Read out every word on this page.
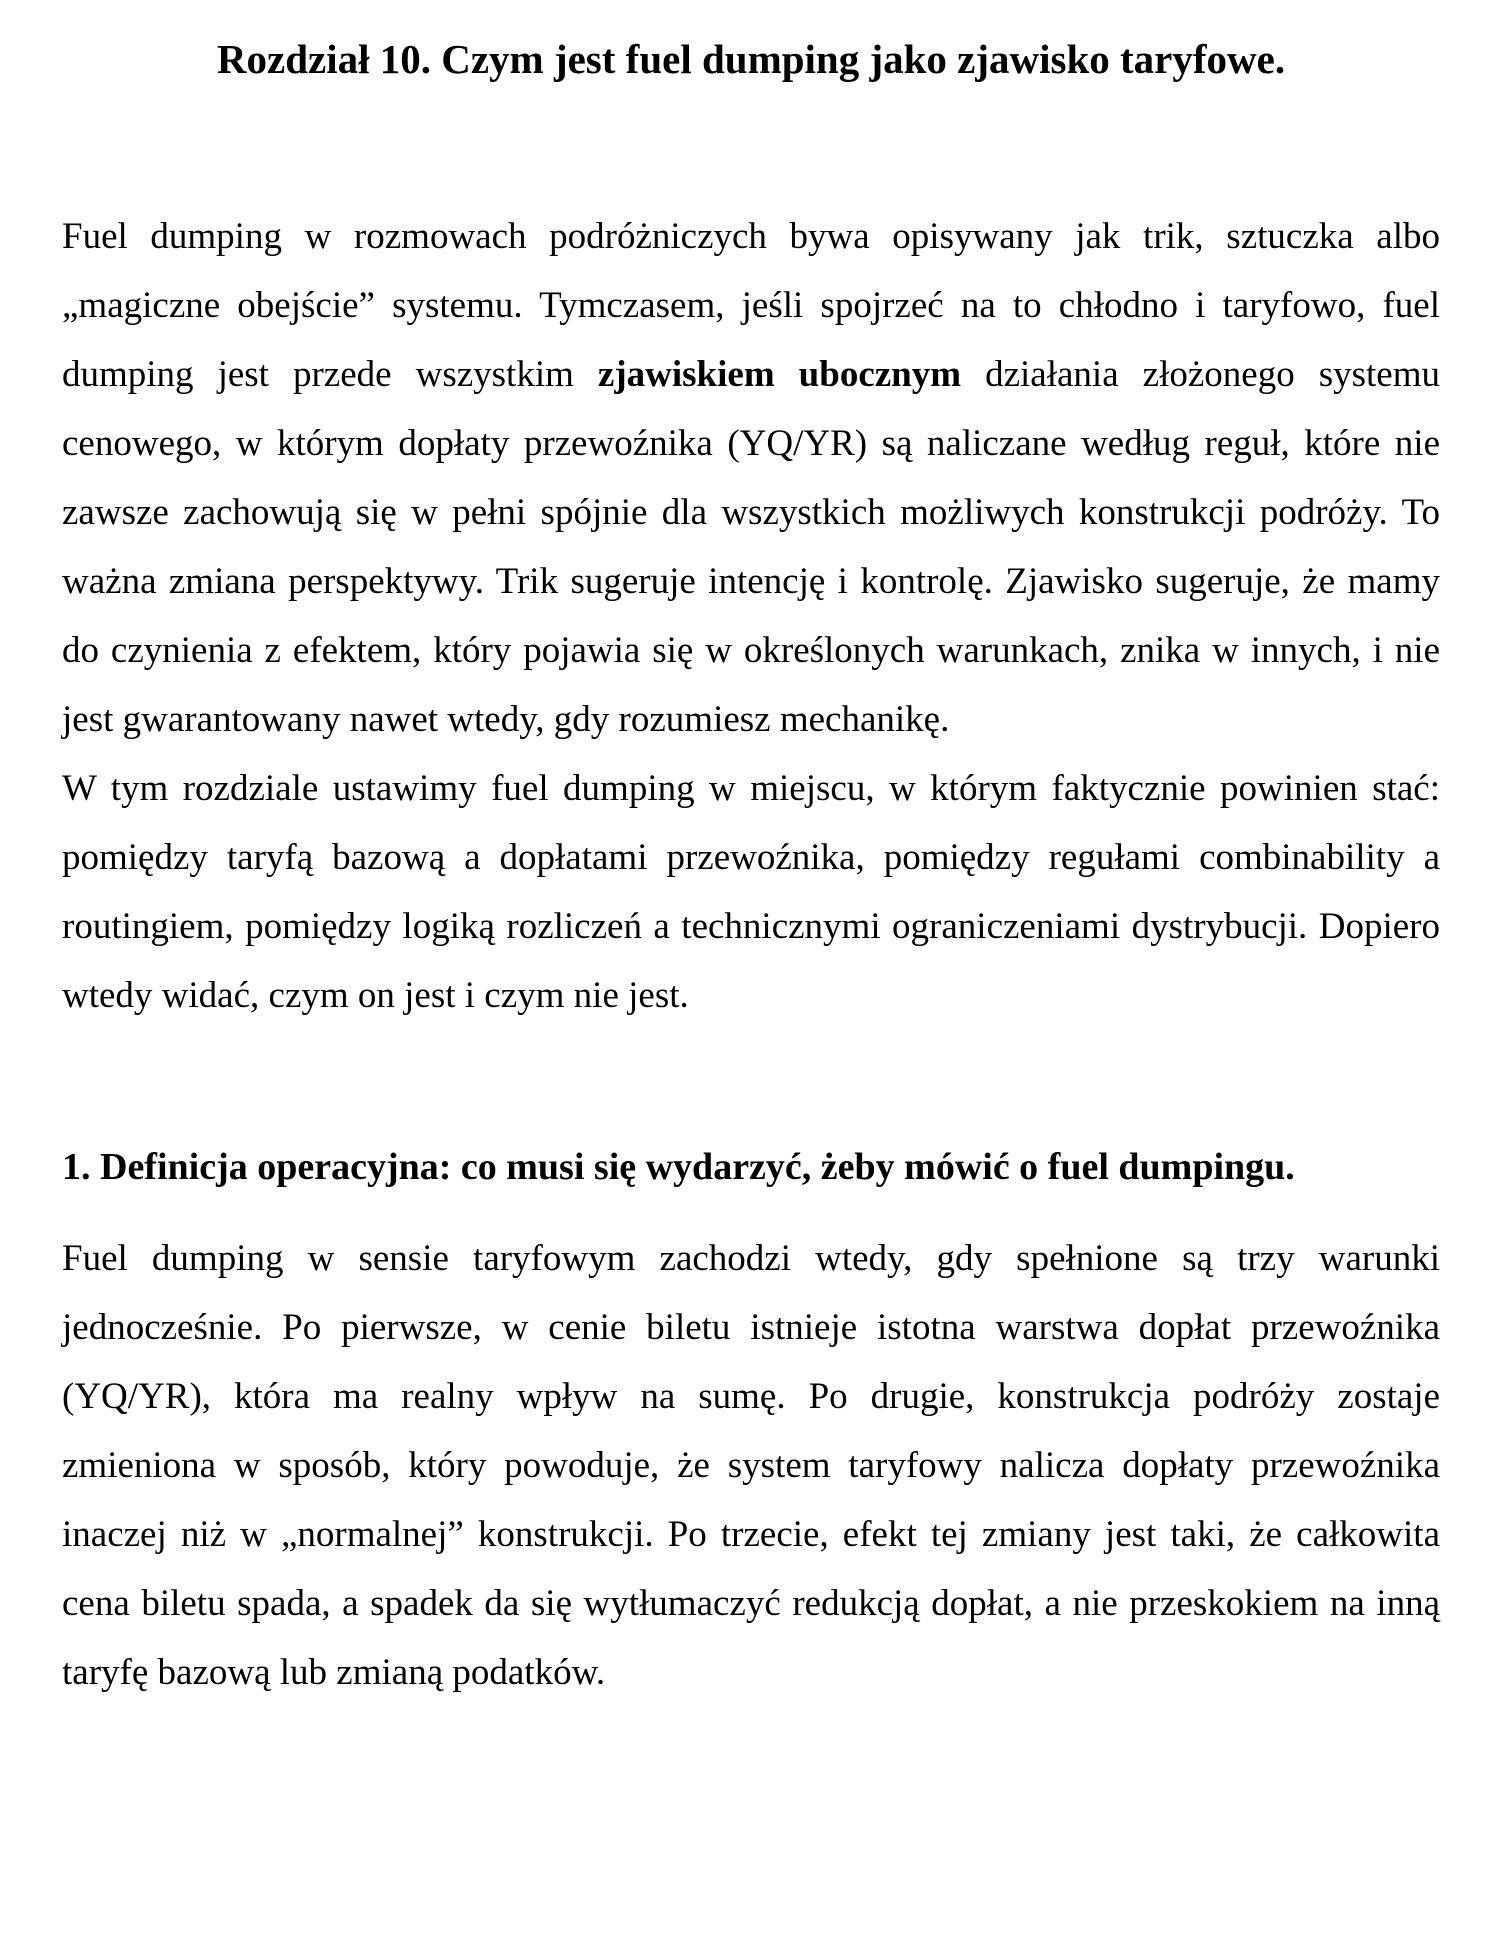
Rozdział 10. Czym jest fuel dumping jako zjawisko taryfowe.

Fuel dumping w rozmowach podróżniczych bywa opisywany jak trik, sztuczka albo „magiczne obejście” systemu. Tymczasem, jeśli spojrzeć na to chłodno i taryfowo, fuel dumping jest przede wszystkim zjawiskiem ubocznym działania złożonego systemu cenowego, w którym dopłaty przewoźnika (YQ/YR) są naliczane według reguł, które nie zawsze zachowują się w pełni spójnie dla wszystkich możliwych konstrukcji podróży. To ważna zmiana perspektywy. Trik sugeruje intencję i kontrolę. Zjawisko sugeruje, że mamy do czynienia z efektem, który pojawia się w określonych warunkach, znika w innych, i nie jest gwarantowany nawet wtedy, gdy rozumiesz mechanikę.

W tym rozdziale ustawimy fuel dumping w miejscu, w którym faktycznie powinien stać: pomiędzy taryfą bazową a dopłatami przewoźnika, pomiędzy regułami combinability a routingiem, pomiędzy logiką rozliczeń a technicznymi ograniczeniami dystrybucji. Dopiero wtedy widać, czym on jest i czym nie jest.

1. Definicja operacyjna: co musi się wydarzyć, żeby mówić o fuel dumpingu.

Fuel dumping w sensie taryfowym zachodzi wtedy, gdy spełnione są trzy warunki jednocześnie. Po pierwsze, w cenie biletu istnieje istotna warstwa dopłat przewoźnika (YQ/YR), która ma realny wpływ na sumę. Po drugie, konstrukcja podróży zostaje zmieniona w sposób, który powoduje, że system taryfowy nalicza dopłaty przewoźnika inaczej niż w „normalnej” konstrukcji. Po trzecie, efekt tej zmiany jest taki, że całkowita cena biletu spada, a spadek da się wytłumaczyć redukcją dopłat, a nie przeskokiem na inną taryfę bazową lub zmianą podatków.
